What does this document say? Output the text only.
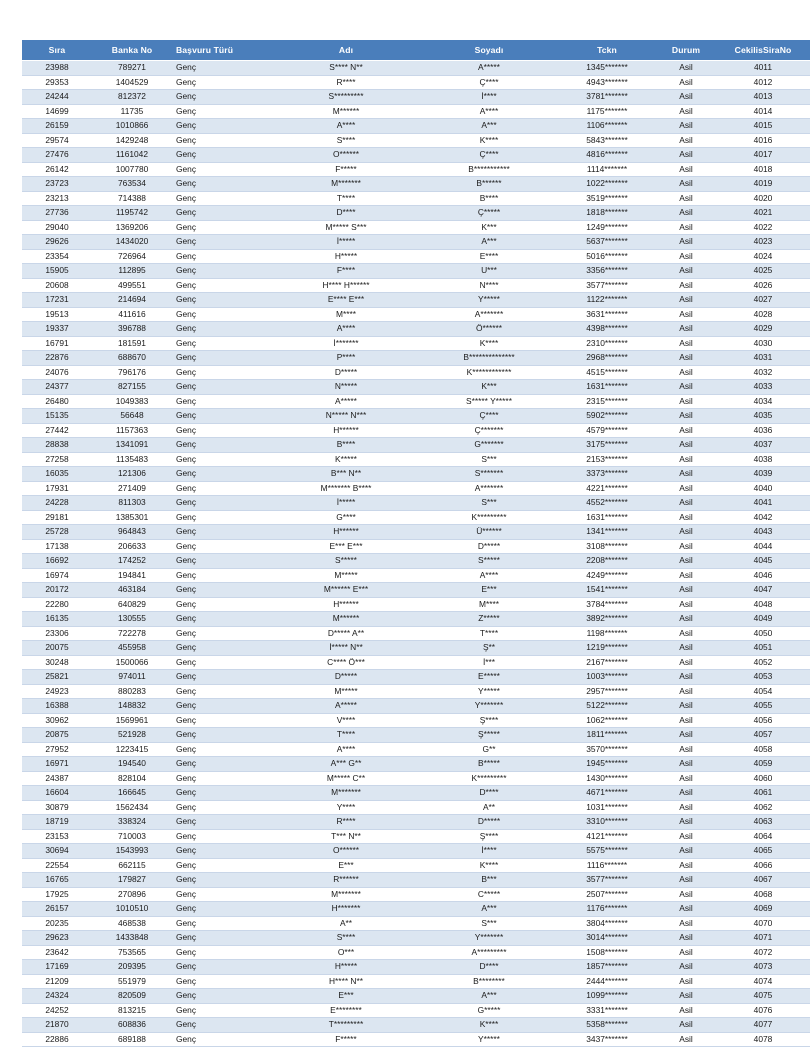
Sıra	Banka No	Başvuru Türü	Adı	Soyadı	Tckn	Durum	CekilisSiraNo
23988	789271	Genç	S**** N**	A*****	1345*******	Asil	4011
29353	1404529	Genç	R****	Ç****	4943*******	Asil	4012
24244	812372	Genç	S*********	İ****	3781*******	Asil	4013
14699	11735	Genç	M******	A****	1175*******	Asil	4014
26159	1010866	Genç	A****	A***	1106*******	Asil	4015
29574	1429248	Genç	S****	K****	5843*******	Asil	4016
27476	1161042	Genç	O******	Ç****	4816*******	Asil	4017
26142	1007780	Genç	F*****	B***********	1114*******	Asil	4018
23723	763534	Genç	M*******	B******	1022*******	Asil	4019
23213	714388	Genç	T****	B****	3519*******	Asil	4020
27736	1195742	Genç	D****	Ç*****	1818*******	Asil	4021
29040	1369206	Genç	M***** S***	K***	1249*******	Asil	4022
29626	1434020	Genç	İ*****	A***	5637*******	Asil	4023
23354	726964	Genç	H*****	E****	5016*******	Asil	4024
15905	112895	Genç	F****	U***	3356*******	Asil	4025
20608	499551	Genç	H**** H******	N****	3577*******	Asil	4026
17231	214694	Genç	E**** E***	Y*****	1122*******	Asil	4027
19513	411616	Genç	M****	A*******	3631*******	Asil	4028
19337	396788	Genç	A****	Ö******	4398*******	Asil	4029
16791	181591	Genç	İ*******	K****	2310*******	Asil	4030
22876	688670	Genç	P****	B**************	2968*******	Asil	4031
24076	796176	Genç	D*****	K************	4515*******	Asil	4032
24377	827155	Genç	N*****	K***	1631*******	Asil	4033
26480	1049383	Genç	A*****	S***** Y*****	2315*******	Asil	4034
15135	56648	Genç	N***** N***	Ç****	5902*******	Asil	4035
27442	1157363	Genç	H******	Ç*******	4579*******	Asil	4036
28838	1341091	Genç	B****	G*******	3175*******	Asil	4037
27258	1135483	Genç	K*****	S***	2153*******	Asil	4038
16035	121306	Genç	B*** N**	S*******	3373*******	Asil	4039
17931	271409	Genç	M******* B****	A*******	4221*******	Asil	4040
24228	811303	Genç	İ*****	S***	4552*******	Asil	4041
29181	1385301	Genç	G****	K*********	1631*******	Asil	4042
25728	964843	Genç	H******	Ü******	1341*******	Asil	4043
17138	206633	Genç	E*** E***	D*****	3108*******	Asil	4044
16692	174252	Genç	S*****	S*****	2208*******	Asil	4045
16974	194841	Genç	M*****	A****	4249*******	Asil	4046
20172	463184	Genç	M****** E***	E***	1541*******	Asil	4047
22280	640829	Genç	H******	M****	3784*******	Asil	4048
16135	130555	Genç	M******	Z*****	3892*******	Asil	4049
23306	722278	Genç	D***** A**	T****	1198*******	Asil	4050
20075	455958	Genç	İ***** N**	Ş**	1219*******	Asil	4051
30248	1500066	Genç	C**** Ö***	İ***	2167*******	Asil	4052
25821	974011	Genç	D*****	E*****	1003*******	Asil	4053
24923	880283	Genç	M*****	Y*****	2957*******	Asil	4054
16388	148832	Genç	A*****	Y*******	5122*******	Asil	4055
30962	1569961	Genç	V****	Ş****	1062*******	Asil	4056
20875	521928	Genç	T****	Ş*****	1811*******	Asil	4057
27952	1223415	Genç	A****	G**	3570*******	Asil	4058
16971	194540	Genç	A*** G**	B*****	1945*******	Asil	4059
24387	828104	Genç	M***** C**	K*********	1430*******	Asil	4060
16604	166645	Genç	M*******	D****	4671*******	Asil	4061
30879	1562434	Genç	Y****	A**	1031*******	Asil	4062
18719	338324	Genç	R****	D*****	3310*******	Asil	4063
23153	710003	Genç	T*** N**	Ş****	4121*******	Asil	4064
30694	1543993	Genç	O******	İ****	5575*******	Asil	4065
22554	662115	Genç	E***	K****	1116*******	Asil	4066
16765	179827	Genç	R******	B***	3577*******	Asil	4067
17925	270896	Genç	M*******	C*****	2507*******	Asil	4068
26157	1010510	Genç	H*******	A***	1176*******	Asil	4069
20235	468538	Genç	A**	S***	3804*******	Asil	4070
29623	1433848	Genç	S****	Y*******	3014*******	Asil	4071
23642	753565	Genç	O***	A*********	1508*******	Asil	4072
17169	209395	Genç	H*****	D****	1857*******	Asil	4073
21209	551979	Genç	H**** N**	B********	2444*******	Asil	4074
24324	820509	Genç	E***	A***	1099*******	Asil	4075
24252	813215	Genç	E********	G*****	3331*******	Asil	4076
21870	608836	Genç	T*********	K****	5358*******	Asil	4077
22886	689188	Genç	F*****	Y*****	3437*******	Asil	4078
